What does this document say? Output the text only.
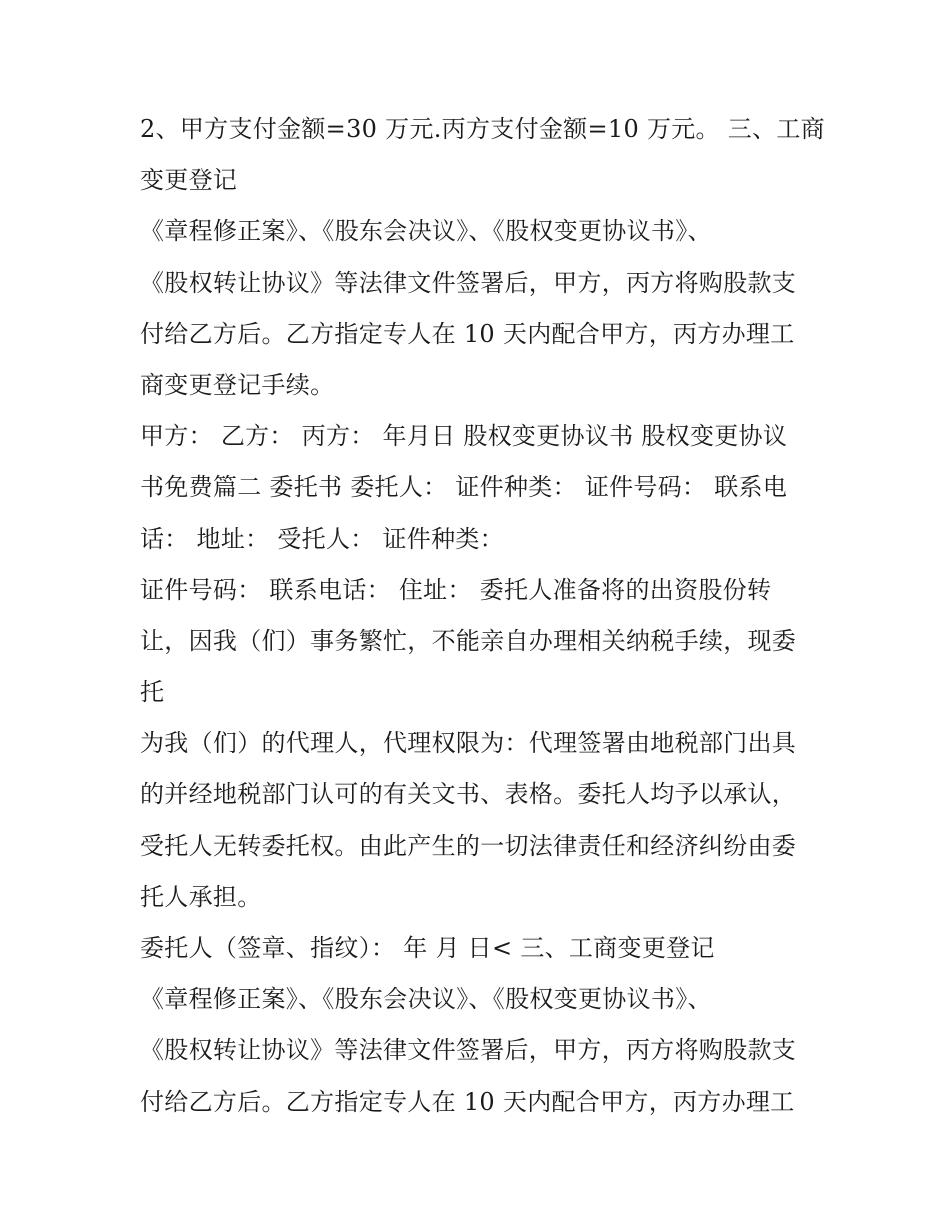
2、甲方支付金额=30 万元.丙方支付金额=10 万元。 三、工商
变更登记
《章程修正案》、《股东会决议》、《股权变更协议书》、
《股权转让协议》等法律文件签署后，甲方，丙方将购股款支
付给乙方后。乙方指定专人在 10 天内配合甲方，丙方办理工
商变更登记手续。
甲方： 乙方： 丙方： 年月日 股权变更协议书 股权变更协议
书免费篇二 委托书 委托人： 证件种类： 证件号码： 联系电
话： 地址： 受托人： 证件种类：
证件号码： 联系电话： 住址： 委托人准备将的出资股份转
让，因我（们）事务繁忙，不能亲自办理相关纳税手续，现委
托
为我（们）的代理人，代理权限为：代理签署由地税部门出具
的并经地税部门认可的有关文书、表格。委托人均予以承认，
受托人无转委托权。由此产生的一切法律责任和经济纠纷由委
托人承担。
委托人（签章、指纹）： 年 月 日< 三、工商变更登记
《章程修正案》、《股东会决议》、《股权变更协议书》、
《股权转让协议》等法律文件签署后，甲方，丙方将购股款支
付给乙方后。乙方指定专人在 10 天内配合甲方，丙方办理工
